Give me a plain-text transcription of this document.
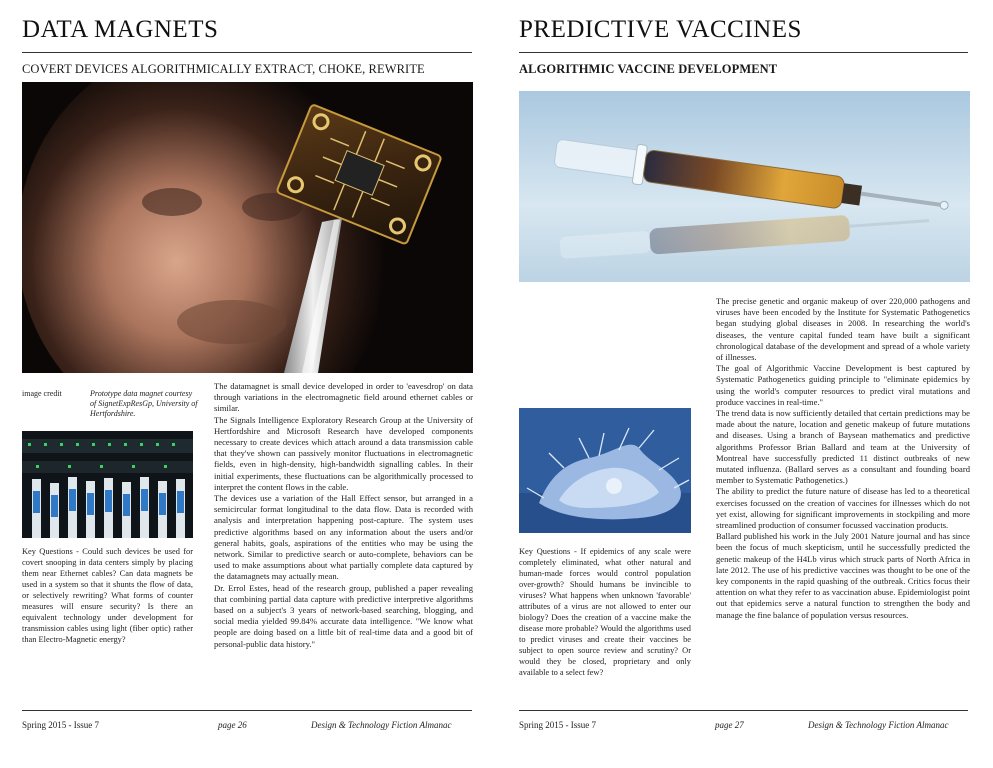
DATA MAGNETS
COVERT DEVICES ALGORITHMICALLY EXTRACT, CHOKE, REWRITE
image credit	Prototype data magnet courtesy of SignetExpResGp, University of Hertfordshire.
Key Questions - Could such devices be used for covert snooping in data centers simply by placing them near Ethernet cables? Can data magnets be used in a system so that it shunts the flow of data, or selectively rewriting? What forms of counter measures will ensure security? Is there an equivalent technology under development for transmission cables using light (fiber optic) rather than Electro-Magnetic energy?

The datamagnet is small device developed in order to 'eavesdrop' on data through variations in the electromagnetic field around ethernet cables or similar.

The Signals Intelligence Exploratory Research Group at the University of Hertfordshire and Microsoft Research have developed components necessary to create devices which attach around a data transmission cable that they've shown can passively monitor fluctuations in electromagnetic fields, even in high-density, high-bandwidth signalling cables. In their initial experiments, these fluctuations can be algorithmically processed to interpret the content flows in the cable.

The devices use a variation of the Hall Effect sensor, but arranged in a semicircular format longitudinal to the data flow. Data is recorded with analysis and interpretation happening post-capture. The system uses predictive algorithms based on any information about the users and/or general habits, goals, aspirations of the entities who may be using the network. Similar to predictive search or auto-complete, behaviors can be used to make assumptions about what partially complete data captured by the datamagnets may actually mean.

Dr. Errol Estes, head of the research group, published a paper revealing that combining partial data capture with predictive interpretive algorithms based on a subject's 3 years of network-based searching, blogging, and social media yielded 99.84% accurate data intelligence. "We know what people are doing based on a little bit of real-time data and a good bit of personal-public data history."

Spring 2015 - Issue 7	page 26	Design & Technology Fiction Almanac
PREDICTIVE VACCINES
ALGORITHMIC VACCINE DEVELOPMENT
Key Questions - If epidemics of any scale were completely eliminated, what other natural and human-made forces would control population over-growth? Should humans be invincible to viruses? What happens when unknown 'favorable' attributes of a virus are not allowed to enter our biology? Does the creation of a vaccine make the disease more probable? Would the algorithms used to predict viruses and create their vaccines be subject to open source review and scrutiny? Or would they be closed, proprietary and only available to a select few?

The precise genetic and organic makeup of over 220,000 pathogens and viruses have been encoded by the Institute for Systematic Pathogenetics began studying global diseases in 2008. In researching the world's diseases, the venture capital funded team have built a significant chronological database of the development and spread of a whole variety of illnesses.

The goal of Algorithmic Vaccine Development is best captured by Systematic Pathogenetics guiding principle to "eliminate epidemics by using the world's computer resources to predict viral mutations and produce vaccines in real-time."

The trend data is now sufficiently detailed that certain predictions may be made about the nature, location and genetic makeup of future mutations and diseases. Using a branch of Baysean mathematics and predictive algorithms Professor Brian Ballard and team at the University of Montreal have successfully predicted 11 distinct outbreaks of new mutated influenza. (Ballard serves as a consultant and founding board member to Systematic Pathogenetics.)

The ability to predict the future nature of disease has led to a theoretical exercises focussed on the creation of vaccines for illnesses which do not yet exist, allowing for significant improvements in stockpiling and more streamlined production of consumer focussed vaccination products.

Ballard published his work in the July 2001 Nature journal and has since been the focus of much skepticism, until he successfully predicted the genetic makeup of the H4Lb virus which struck parts of North Africa in late 2012. The use of his predictive vaccines was thought to be one of the key components in the rapid quashing of the outbreak. Critics focus their attention on what they refer to as vaccination abuse. Epidemiologist point out that epidemics serve a natural function to strengthen the body and manage the fine balance of population versus resources.

Spring 2015 - Issue 7	page 27	Design & Technology Fiction Almanac
